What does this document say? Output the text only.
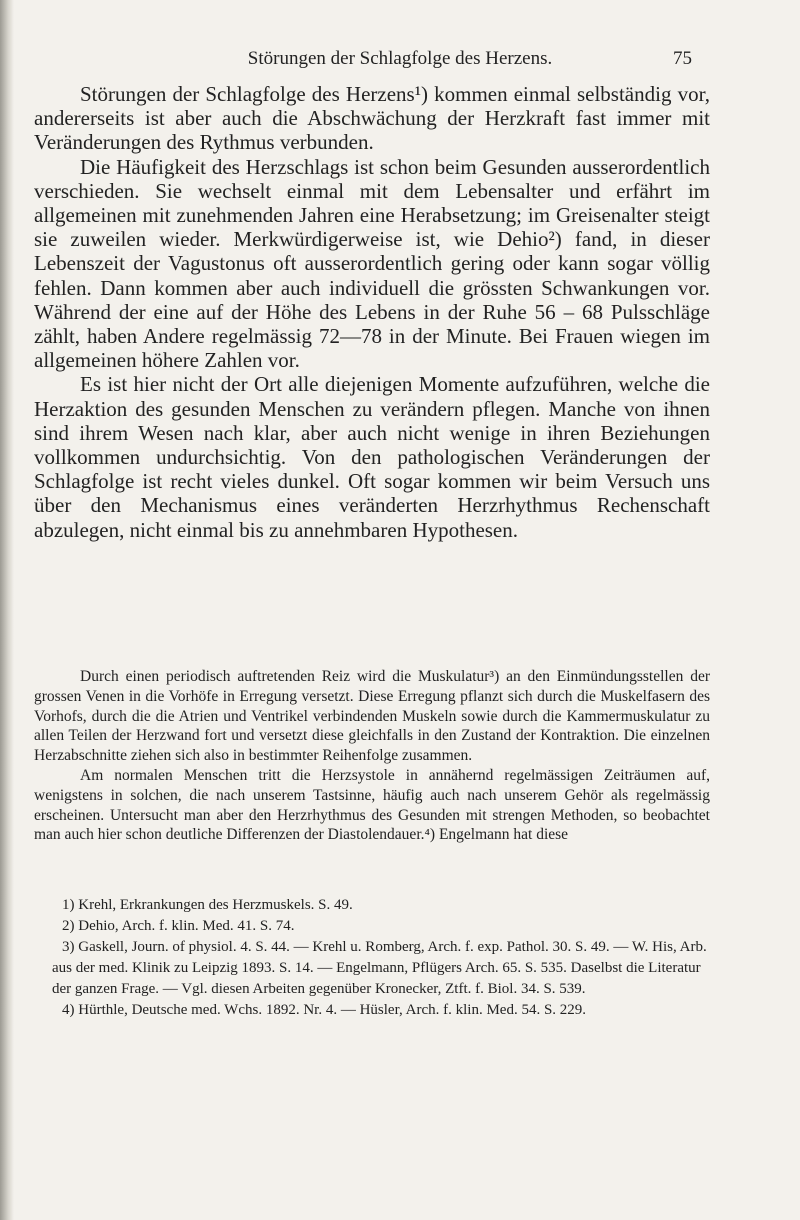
Störungen der Schlagfolge des Herzens.	75

Störungen der Schlagfolge des Herzens¹) kommen einmal selbständig vor, andererseits ist aber auch die Abschwächung der Herzkraft fast immer mit Veränderungen des Rythmus verbunden.

Die Häufigkeit des Herzschlags ist schon beim Gesunden ausserordentlich verschieden. Sie wechselt einmal mit dem Lebensalter und erfährt im allgemeinen mit zunehmenden Jahren eine Herabsetzung; im Greisenalter steigt sie zuweilen wieder. Merkwürdigerweise ist, wie Dehio²) fand, in dieser Lebenszeit der Vagustonus oft ausserordentlich gering oder kann sogar völlig fehlen. Dann kommen aber auch individuell die grössten Schwankungen vor. Während der eine auf der Höhe des Lebens in der Ruhe 56 – 68 Pulsschläge zählt, haben Andere regelmässig 72—78 in der Minute. Bei Frauen wiegen im allgemeinen höhere Zahlen vor.

Es ist hier nicht der Ort alle diejenigen Momente aufzuführen, welche die Herzaktion des gesunden Menschen zu verändern pflegen. Manche von ihnen sind ihrem Wesen nach klar, aber auch nicht wenige in ihren Beziehungen vollkommen undurchsichtig. Von den pathologischen Veränderungen der Schlagfolge ist recht vieles dunkel. Oft sogar kommen wir beim Versuch uns über den Mechanismus eines veränderten Herzrhythmus Rechenschaft abzulegen, nicht einmal bis zu annehmbaren Hypothesen.

Durch einen periodisch auftretenden Reiz wird die Muskulatur³) an den Einmündungsstellen der grossen Venen in die Vorhöfe in Erregung versetzt. Diese Erregung pflanzt sich durch die Muskelfasern des Vorhofs, durch die die Atrien und Ventrikel verbindenden Muskeln sowie durch die Kammermuskulatur zu allen Teilen der Herzwand fort und versetzt diese gleichfalls in den Zustand der Kontraktion. Die einzelnen Herzabschnitte ziehen sich also in bestimmter Reihenfolge zusammen.

Am normalen Menschen tritt die Herzsystole in annähernd regelmässigen Zeiträumen auf, wenigstens in solchen, die nach unserem Tastsinne, häufig auch nach unserem Gehör als regelmässig erscheinen. Untersucht man aber den Herzrhythmus des Gesunden mit strengen Methoden, so beobachtet man auch hier schon deutliche Differenzen der Diastolendauer.⁴) Engelmann hat diese

1) Krehl, Erkrankungen des Herzmuskels. S. 49.

2) Dehio, Arch. f. klin. Med. 41. S. 74.

3) Gaskell, Journ. of physiol. 4. S. 44. — Krehl u. Romberg, Arch. f. exp. Pathol. 30. S. 49. — W. His, Arb. aus der med. Klinik zu Leipzig 1893. S. 14. — Engelmann, Pflügers Arch. 65. S. 535. Daselbst die Literatur der ganzen Frage. — Vgl. diesen Arbeiten gegenüber Kronecker, Ztft. f. Biol. 34. S. 539.

4) Hürthle, Deutsche med. Wchs. 1892. Nr. 4. — Hüsler, Arch. f. klin. Med. 54. S. 229.
